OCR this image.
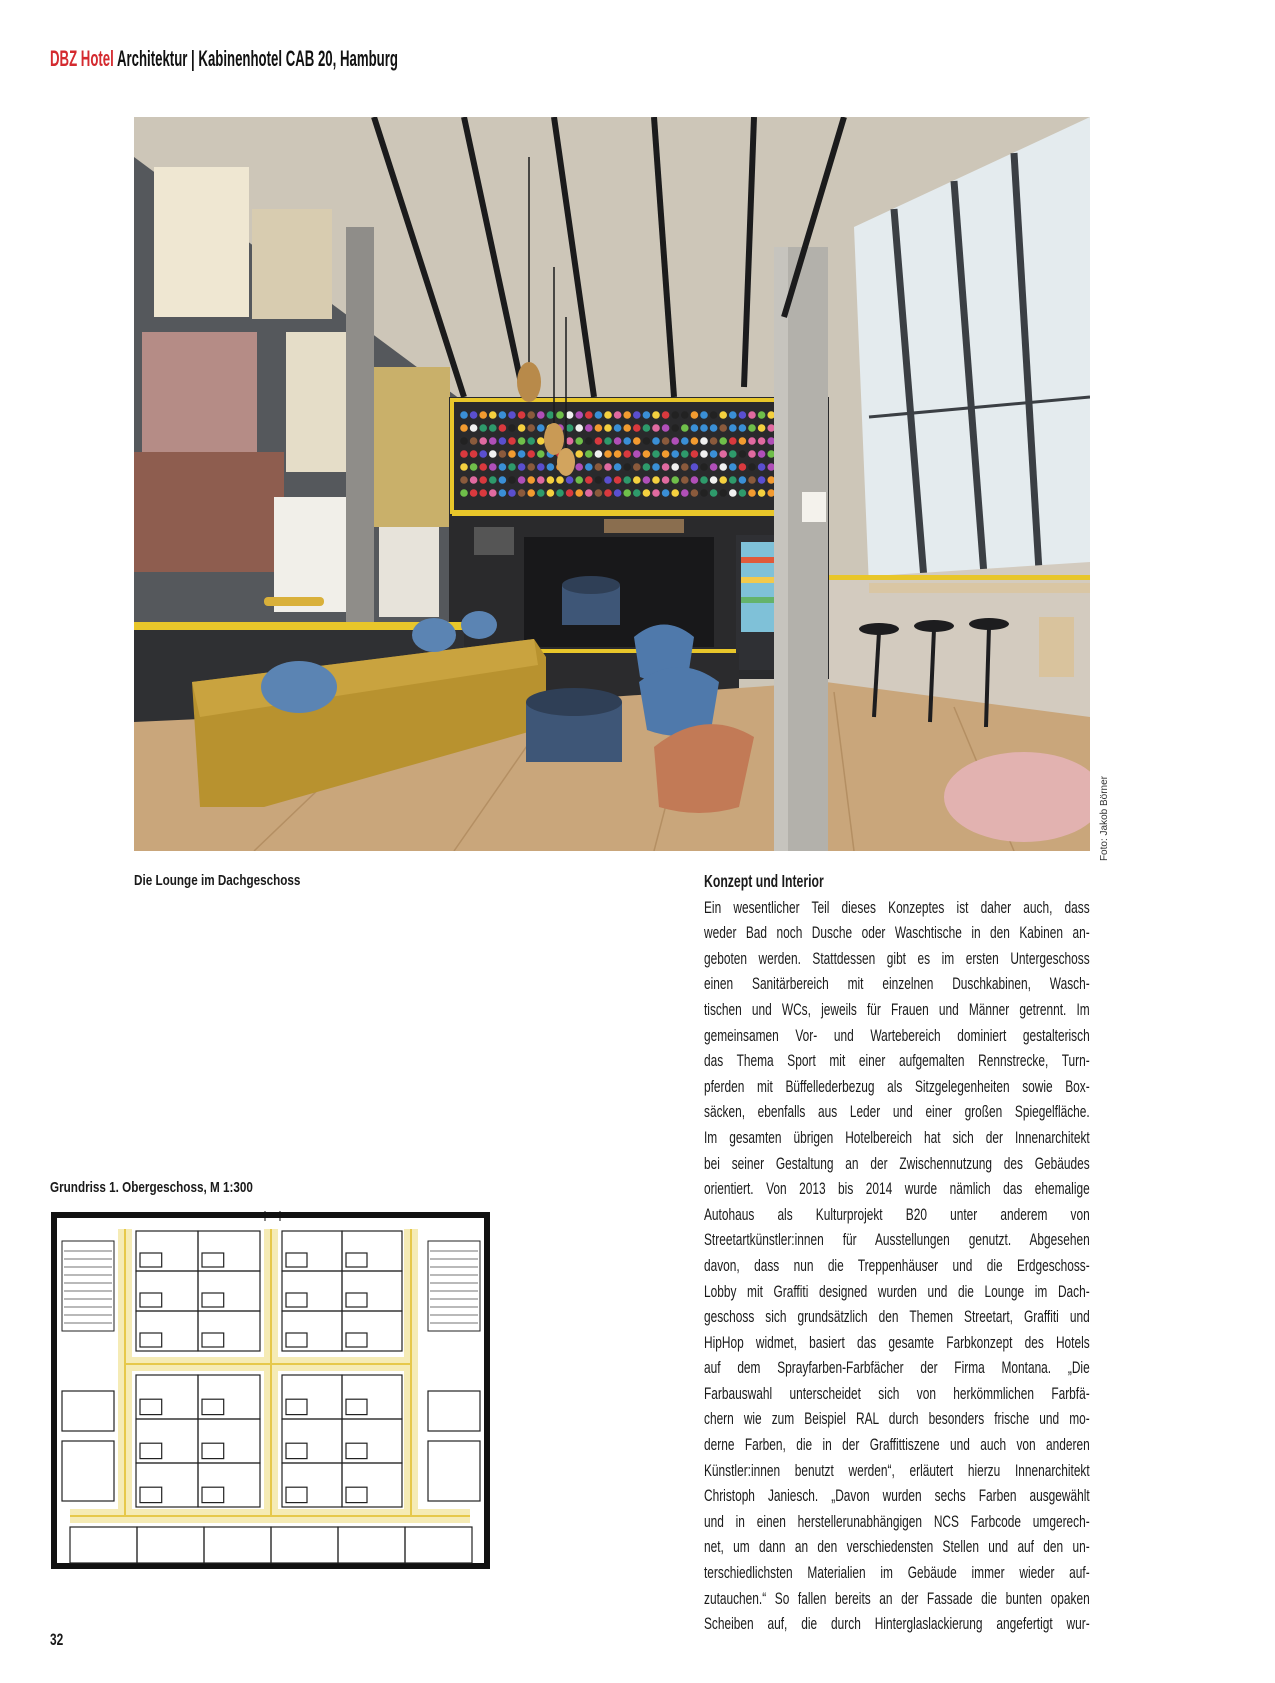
DBZ Hotel Architektur | Kabinenhotel CAB 20, Hamburg
Foto: Jakob Börner
Die Lounge im Dachgeschoss	Konzept und Interior
Ein wesentlicher Teil dieses Konzeptes ist daher auch, dass
weder Bad noch Dusche oder Waschtische in den Kabinen an-
geboten werden. Stattdessen gibt es im ersten Untergeschoss
einen Sanitärbereich mit einzelnen Duschkabinen, Wasch-
tischen und WCs, jeweils für Frauen und Männer getrennt. Im
gemeinsamen Vor- und Wartebereich dominiert gestalterisch
das Thema Sport mit einer aufgemalten Rennstrecke, Turn-
pferden mit Büffellederbezug als Sitzgelegenheiten sowie Box-
säcken, ebenfalls aus Leder und einer großen Spiegelfläche.
Im gesamten übrigen Hotelbereich hat sich der Innenarchitekt
bei seiner Gestaltung an der Zwischennutzung des Gebäudes
orientiert. Von 2013 bis 2014 wurde nämlich das ehemalige
Autohaus als Kulturprojekt B20 unter anderem von
Streetartkünstler:innen für Ausstellungen genutzt. Abgesehen
davon, dass nun die Treppenhäuser und die Erdgeschoss-
Lobby mit Graffiti designed wurden und die Lounge im Dach-
geschoss sich grundsätzlich den Themen Streetart, Graffiti und
HipHop widmet, basiert das gesamte Farbkonzept des Hotels
auf dem Sprayfarben-Farbfächer der Firma Montana. „Die
Farbauswahl unterscheidet sich von herkömmlichen Farbfä-
chern wie zum Beispiel RAL durch besonders frische und mo-
derne Farben, die in der Graffittiszene und auch von anderen
Künstler:innen benutzt werden“, erläutert hierzu Innenarchitekt
Christoph Janiesch. „Davon wurden sechs Farben ausgewählt
und in einen herstellerunabhängigen NCS Farbcode umgerech-
net, um dann an den verschiedensten Stellen und auf den un-
terschiedlichsten Materialien im Gebäude immer wieder auf-
zutauchen.“ So fallen bereits an der Fassade die bunten opaken
Scheiben auf, die durch Hinterglaslackierung angefertigt wur-
Grundriss 1. Obergeschoss, M 1:300
32
